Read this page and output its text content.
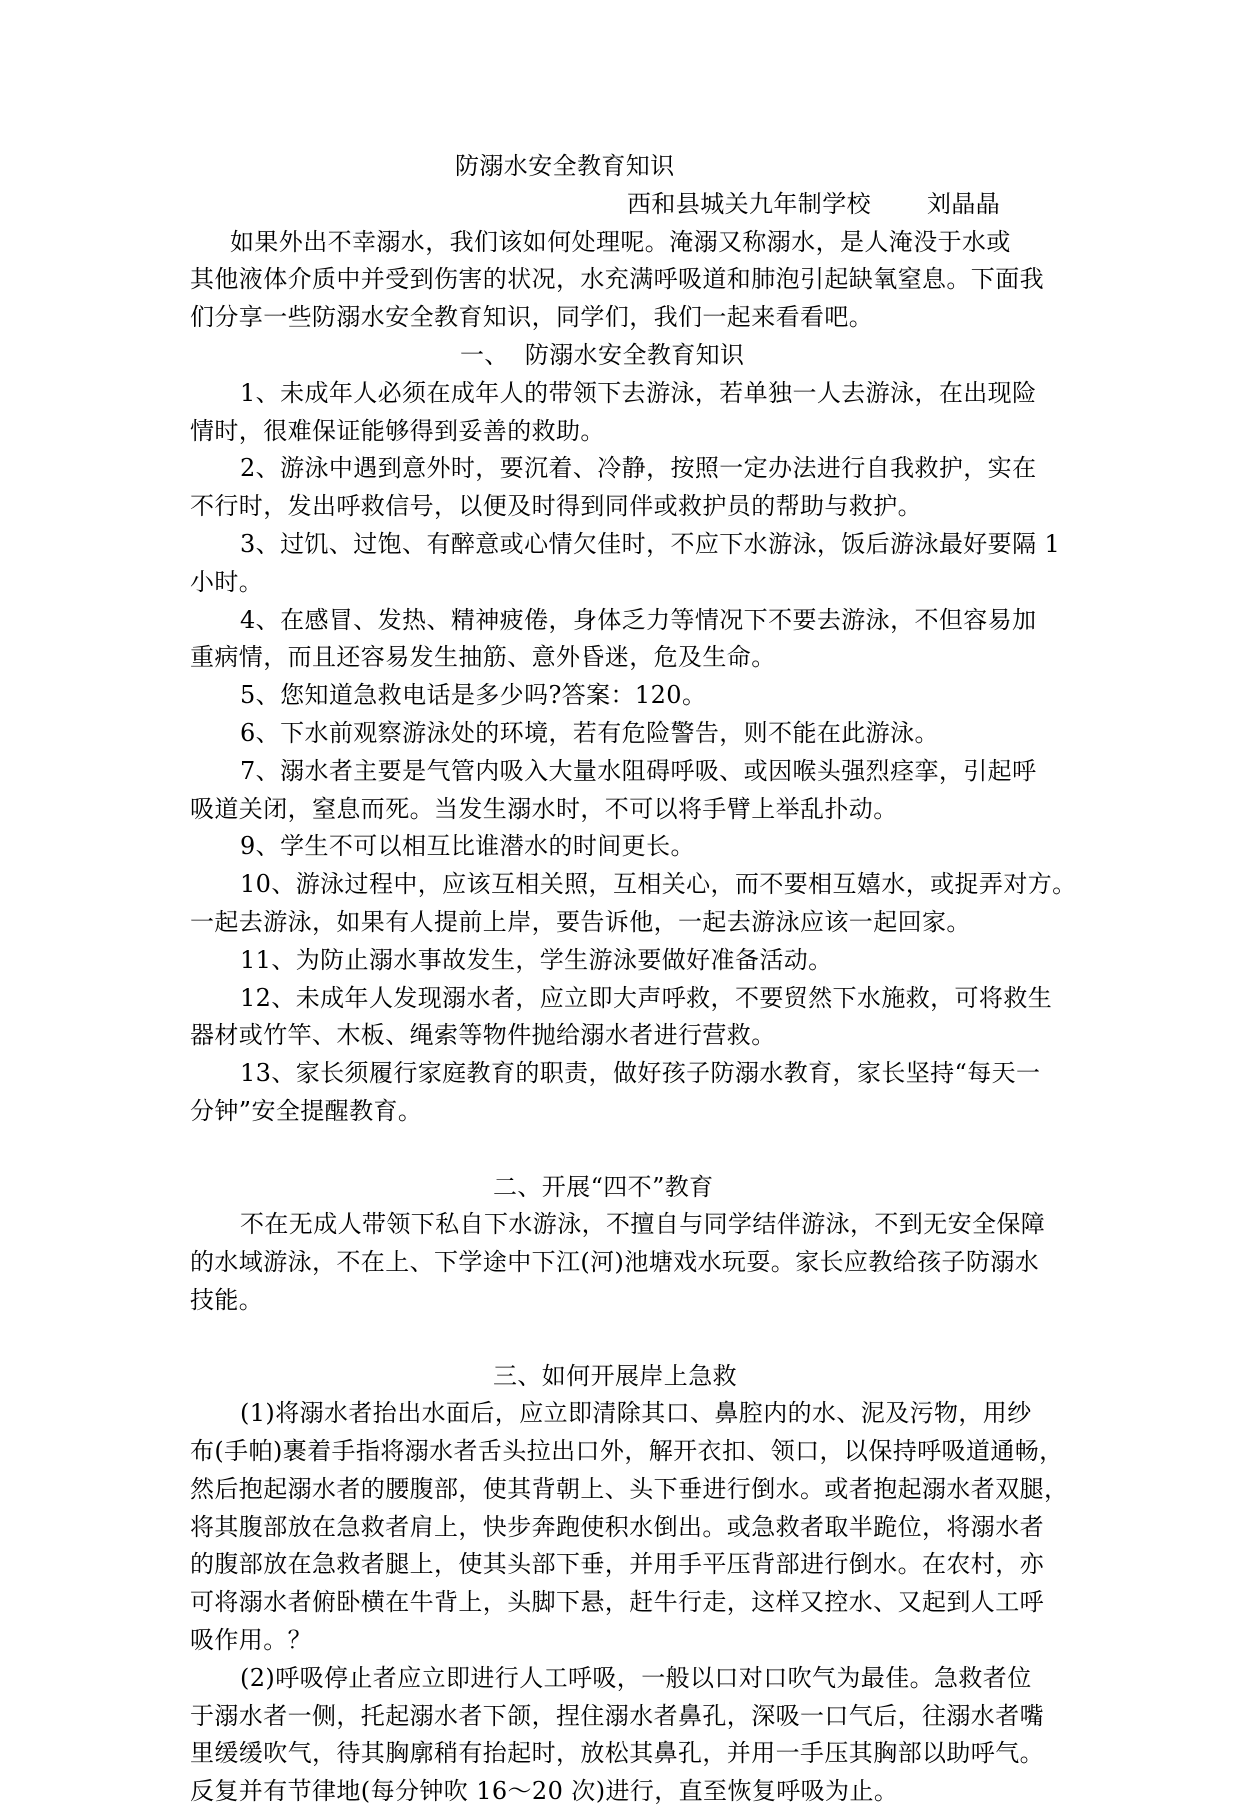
防溺水安全教育知识
西和县城关九年制学校 刘晶晶
如果外出不幸溺水，我们该如何处理呢。淹溺又称溺水，是人淹没于水或
其他液体介质中并受到伤害的状况，水充满呼吸道和肺泡引起缺氧窒息。下面我
们分享一些防溺水安全教育知识，同学们，我们一起来看看吧。
一、  防溺水安全教育知识
1、未成年人必须在成年人的带领下去游泳，若单独一人去游泳，在出现险
情时，很难保证能够得到妥善的救助。
2、游泳中遇到意外时，要沉着、冷静，按照一定办法进行自我救护，实在
不行时，发出呼救信号，以便及时得到同伴或救护员的帮助与救护。
3、过饥、过饱、有醉意或心情欠佳时，不应下水游泳，饭后游泳最好要隔 1
小时。
4、在感冒、发热、精神疲倦，身体乏力等情况下不要去游泳，不但容易加
重病情，而且还容易发生抽筋、意外昏迷，危及生命。
5、您知道急救电话是多少吗?答案：120。
6、下水前观察游泳处的环境，若有危险警告，则不能在此游泳。
7、溺水者主要是气管内吸入大量水阻碍呼吸、或因喉头强烈痉挛，引起呼
吸道关闭，窒息而死。当发生溺水时，不可以将手臂上举乱扑动。
9、学生不可以相互比谁潜水的时间更长。
10、游泳过程中，应该互相关照，互相关心，而不要相互嬉水，或捉弄对方。
一起去游泳，如果有人提前上岸，要告诉他，一起去游泳应该一起回家。
11、为防止溺水事故发生，学生游泳要做好准备活动。
12、未成年人发现溺水者，应立即大声呼救，不要贸然下水施救，可将救生
器材或竹竿、木板、绳索等物件抛给溺水者进行营救。
13、家长须履行家庭教育的职责，做好孩子防溺水教育，家长坚持“每天一
分钟”安全提醒教育。
二、开展“四不”教育
不在无成人带领下私自下水游泳，不擅自与同学结伴游泳，不到无安全保障
的水域游泳，不在上、下学途中下江(河)池塘戏水玩耍。家长应教给孩子防溺水
技能。
三、如何开展岸上急救
(1)将溺水者抬出水面后，应立即清除其口、鼻腔内的水、泥及污物，用纱
布(手帕)裹着手指将溺水者舌头拉出口外，解开衣扣、领口，以保持呼吸道通畅，
然后抱起溺水者的腰腹部，使其背朝上、头下垂进行倒水。或者抱起溺水者双腿，
将其腹部放在急救者肩上，快步奔跑使积水倒出。或急救者取半跪位，将溺水者
的腹部放在急救者腿上，使其头部下垂，并用手平压背部进行倒水。在农村，亦
可将溺水者俯卧横在牛背上，头脚下悬，赶牛行走，这样又控水、又起到人工呼
吸作用。？
(2)呼吸停止者应立即进行人工呼吸，一般以口对口吹气为最佳。急救者位
于溺水者一侧，托起溺水者下颌，捏住溺水者鼻孔，深吸一口气后，往溺水者嘴
里缓缓吹气，待其胸廓稍有抬起时，放松其鼻孔，并用一手压其胸部以助呼气。
反复并有节律地(每分钟吹 16～20 次)进行，直至恢复呼吸为止。
